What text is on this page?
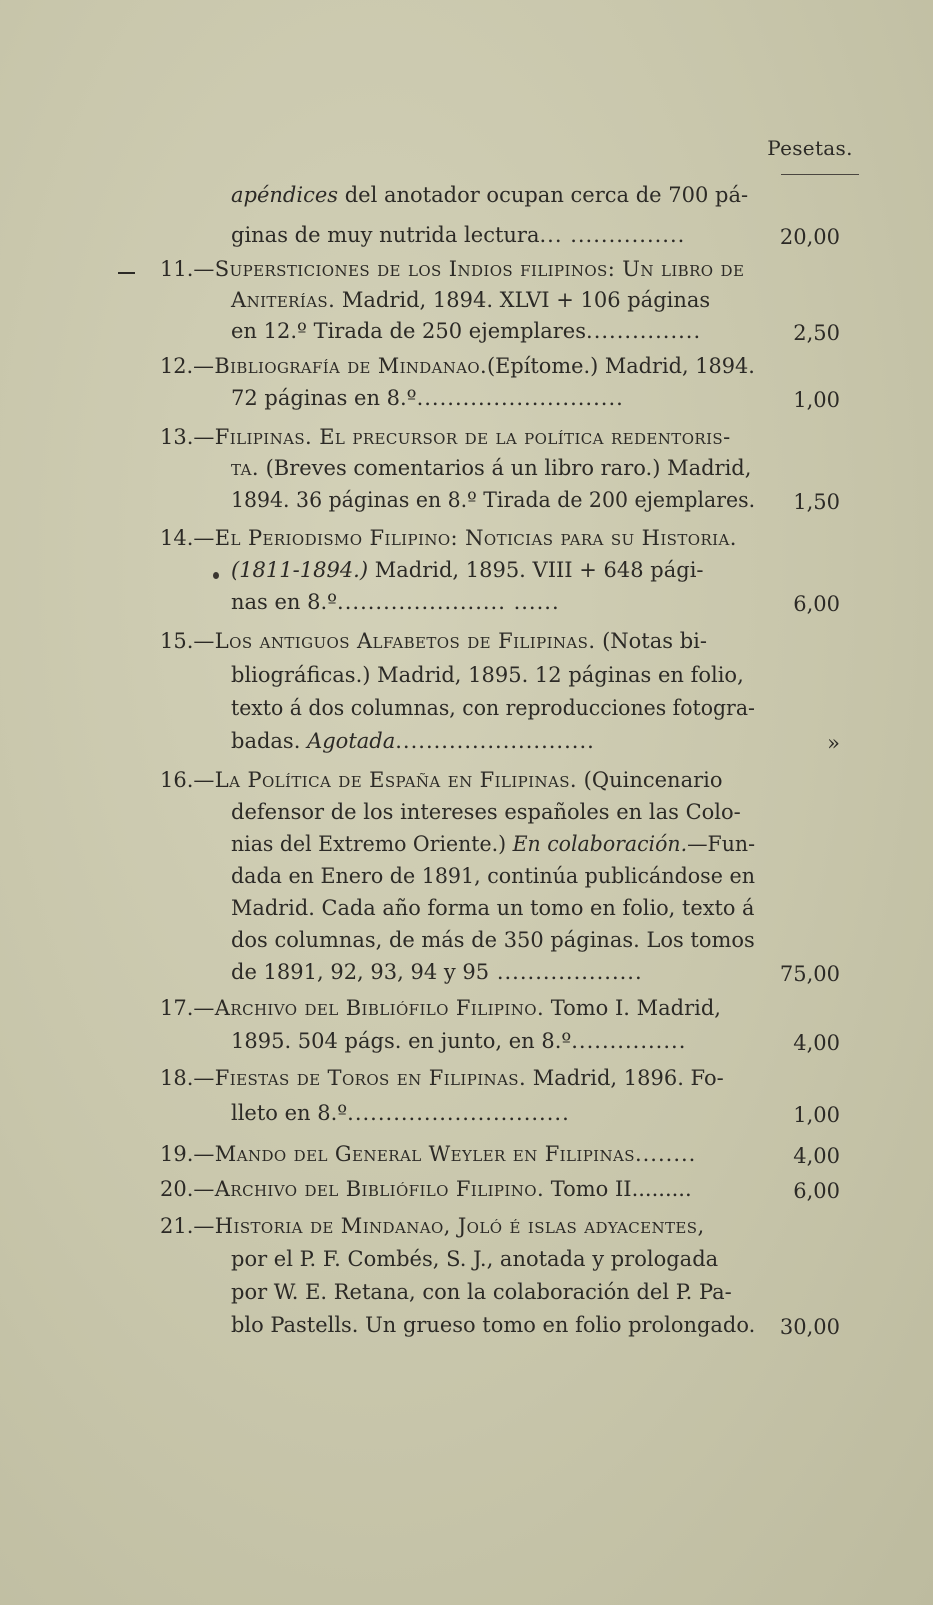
Pesetas.
apéndices del anotador ocupan cerca de 700 pá-
ginas de muy nutrida lectura... ...............	20,00
11.—Supersticiones de los Indios filipinos: Un libro de
Aniterías. Madrid, 1894. XLVI + 106 páginas
en 12.º Tirada de 250 ejemplares...............	2,50
12.—Bibliografía de Mindanao.(Epítome.) Madrid, 1894.
72 páginas en 8.º...........................	1,00
13.—Filipinas. El precursor de la política redentoris-
ta. (Breves comentarios á un libro raro.) Madrid,
1894. 36 páginas en 8.º Tirada de 200 ejemplares.	1,50
14.—El Periodismo Filipino: Noticias para su Historia.
(1811-1894.) Madrid, 1895. VIII + 648 pági-
nas en 8.º...................... ......	6,00
15.—Los antiguos Alfabetos de Filipinas. (Notas bi-
bliográficas.) Madrid, 1895. 12 páginas en folio,
texto á dos columnas, con reproducciones fotogra-
badas. Agotada..........................	»
16.—La Política de España en Filipinas. (Quincenario
defensor de los intereses españoles en las Colo-
nias del Extremo Oriente.) En colaboración.—Fun-
dada en Enero de 1891, continúa publicándose en
Madrid. Cada año forma un tomo en folio, texto á
dos columnas, de más de 350 páginas. Los tomos
de 1891, 92, 93, 94 y 95 ...................	75,00
17.—Archivo del Bibliófilo Filipino. Tomo I. Madrid,
1895. 504 págs. en junto, en 8.º...............	4,00
18.—Fiestas de Toros en Filipinas. Madrid, 1896. Fo-
lleto en 8.º.............................	1,00
19.—Mando del General Weyler en Filipinas........	4,00
20.—Archivo del Bibliófilo Filipino. Tomo II.........	6,00
21.—Historia de Mindanao, Joló é islas adyacentes,
por el P. F. Combés, S. J., anotada y prologada
por W. E. Retana, con la colaboración del P. Pa-
blo Pastells. Un grueso tomo en folio prolongado.	30,00
